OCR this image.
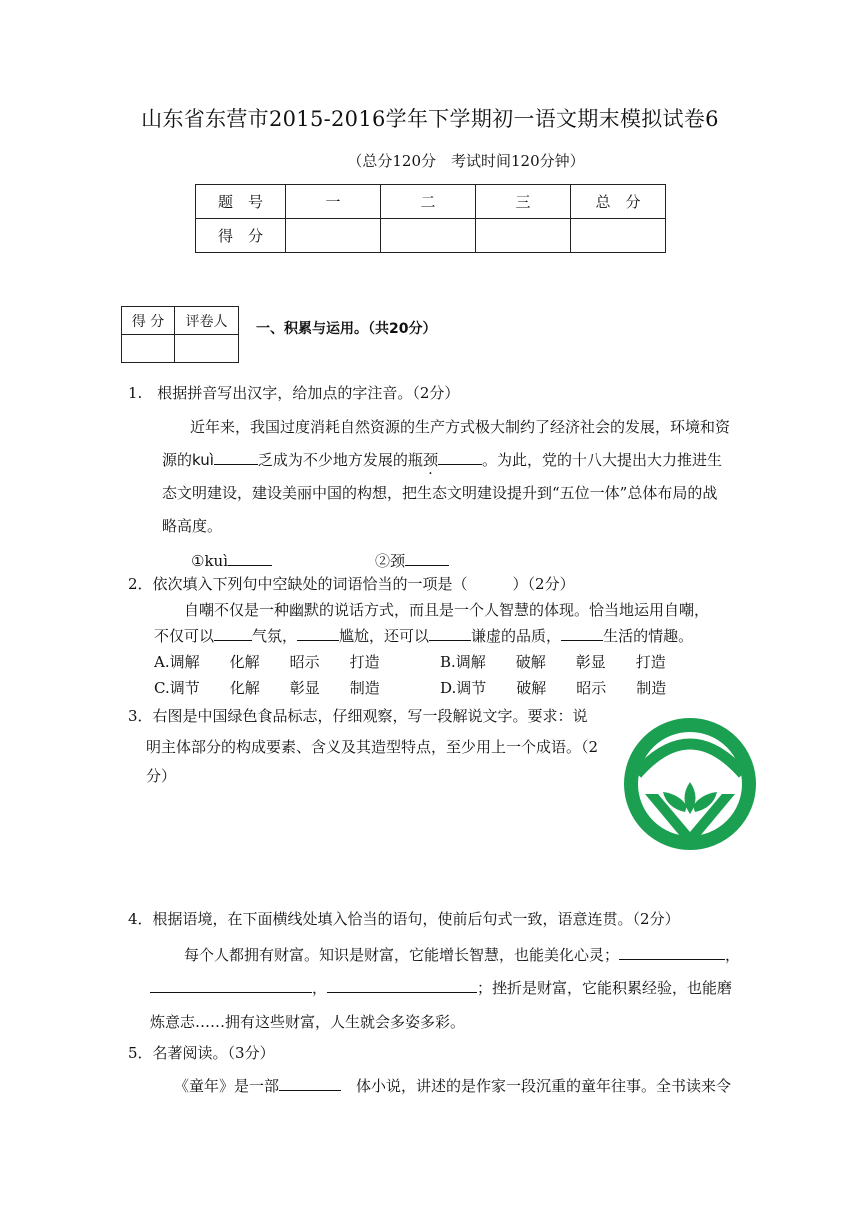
山东省东营市2015-2016学年下学期初一语文期末模拟试卷6
（总分120分　考试时间120分钟）
题　号	一	二	三	总　分
得　分				
得 分	评卷人
	一、积累与运用。（共20分）
1.　根据拼音写出汉字，给加点的字注音。（2分）
近年来，我国过度消耗自然资源的生产方式极大制约了经济社会的发展，环境和资
源的kuì	乏成为不少地方发展的瓶颈	。为此，党的十八大提出大力推进生
态文明建设，建设美丽中国的构想，把生态文明建设提升到“五位一体”总体布局的战
略高度。
①kuì	②颈
2．依次填入下列句中空缺处的词语恰当的一项是（　　　）（2分）
自嘲不仅是一种幽默的说话方式，而且是一个人智慧的体现。恰当地运用自嘲，
不仅可以	气氛，	尴尬，还可以	谦虚的品质，	生活的情趣。
A.调解　　化解　　昭示　　打造	B.调解　　破解　　彰显　　打造
C.调节　　化解　　彰显　　制造	D.调节　　破解　　昭示　　制造
3．右图是中国绿色食品标志，仔细观察，写一段解说文字。要求：说
明主体部分的构成要素、含义及其造型特点，至少用上一个成语。（2
分）
4．根据语境，在下面横线处填入恰当的语句，使前后句式一致，语意连贯。（2分）
每个人都拥有财富。知识是财富，它能增长智慧，也能美化心灵；	，
，	；挫折是财富，它能积累经验，也能磨
炼意志……拥有这些财富，人生就会多姿多彩。
5．名著阅读。（3分）
《童年》是一部	　体小说，讲述的是作家一段沉重的童年往事。全书读来令
